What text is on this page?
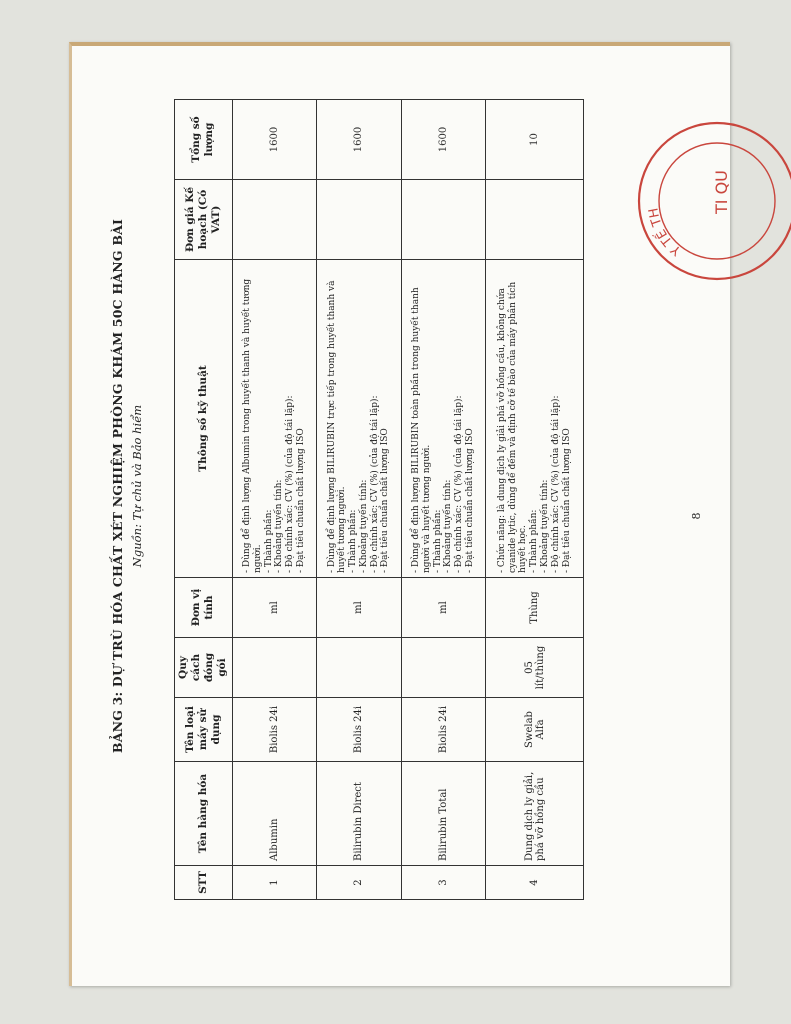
BẢNG 3: DỰ TRÙ HÓA CHẤT XÉT NGHIỆM PHÒNG KHÁM 50C HÀNG BÀI Nguồn: Tự chủ và Bảo hiểm
STT	Tên hàng hóa	Tên loại máy sử dụng	Quy cách đóng gói	Đơn vị tính	Thông số kỹ thuật	Đơn giá Kế hoạch (Có VAT)	Tổng số lượng
1	Albumin	Biolis 24i		ml	- Dùng để định lượng Albumin trong huyết thanh và huyết tương người. - Thành phần: - Khoảng tuyến tính: - Độ chính xác: CV (%) (của độ tái lặp): - Đạt tiêu chuẩn chất lượng ISO		1600
2	Bilirubin Direct	Biolis 24i		ml	- Dùng để định lượng BILIRUBIN trực tiếp trong huyết thanh và huyết tương người. - Thành phần: - Khoảng tuyến tính: - Độ chính xác: CV (%) (của độ tái lặp): - Đạt tiêu chuẩn chất lượng ISO		1600
3	Bilirubin Total	Biolis 24i		ml	- Dùng để định lượng BILIRUBIN toàn phần trong huyết thanh người và huyết tương người. - Thành phần: - Khoảng tuyến tính: - Độ chính xác: CV (%) (của độ tái lặp): - Đạt tiêu chuẩn chất lượng ISO		1600
4	Dung dịch ly giải, phá vỡ hồng cầu	Swelab Alfa	05 lít/thùng	Thùng	- Chức năng: là dung dịch ly giải phá vỡ hồng cầu, không chứa cyanide lytic, dùng để đếm và định cỡ tế bào của máy phân tích huyết học. - Thành phần: - Khoảng tuyến tính: - Độ chính xác: CV (%) (của độ tái lặp): - Đạt tiêu chuẩn chất lượng ISO		10
8
Y TẾ TH	TI QU
